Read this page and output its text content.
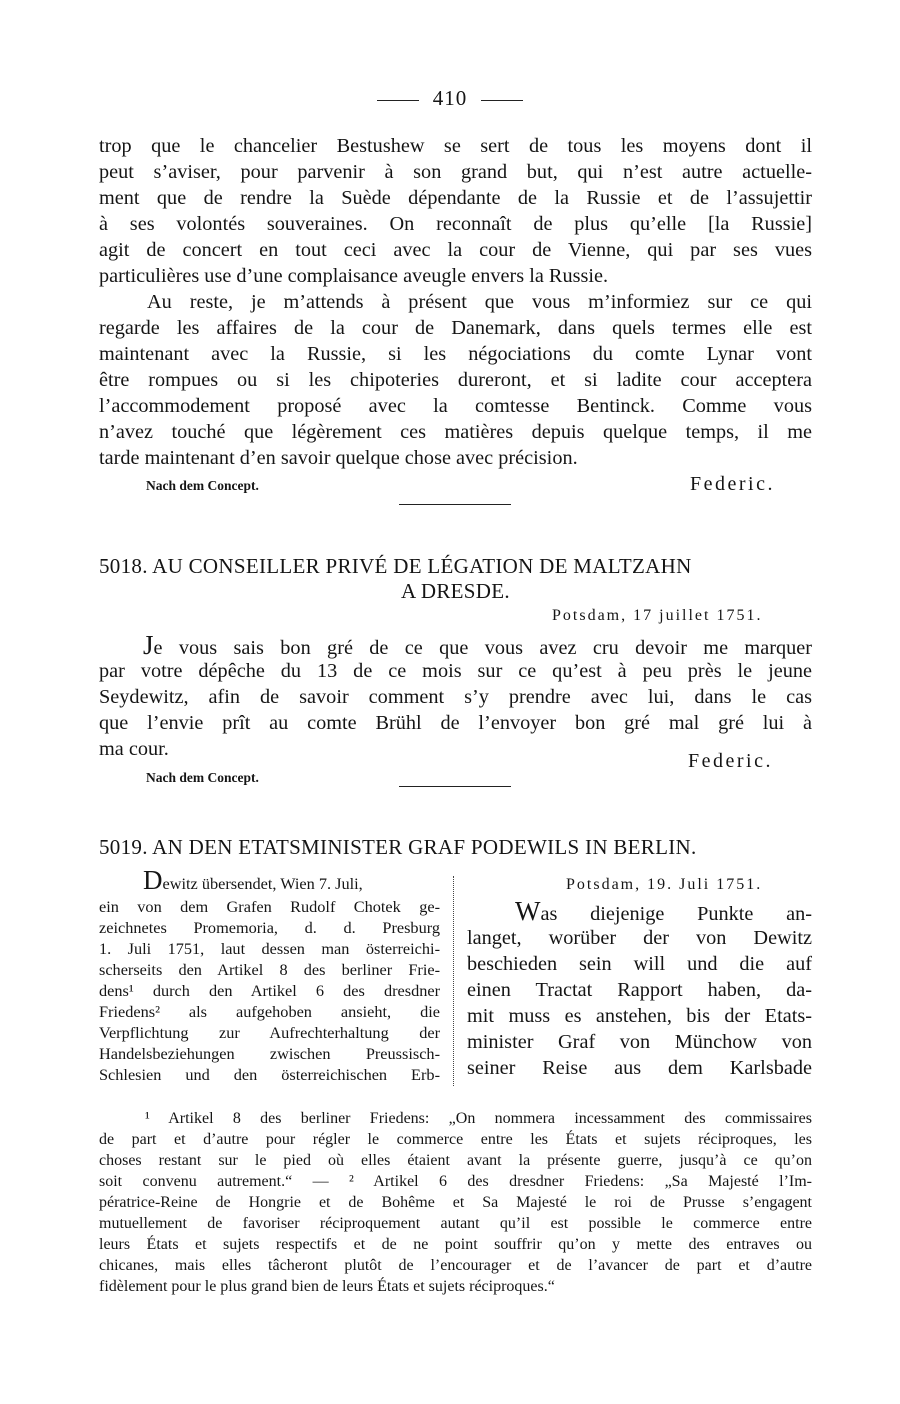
410
trop que le chancelier Bestushew se sert de tous les moyens dont il
peut s’aviser, pour parvenir à son grand but, qui n’est autre actuelle-
ment que de rendre la Suède dépendante de la Russie et de l’assujettir
à ses volontés souveraines. On reconnaît de plus qu’elle [la Russie]
agit de concert en tout ceci avec la cour de Vienne, qui par ses vues
particulières use d’une complaisance aveugle envers la Russie.
Au reste, je m’attends à présent que vous m’informiez sur ce qui
regarde les affaires de la cour de Danemark, dans quels termes elle est
maintenant avec la Russie, si les négociations du comte Lynar vont
être rompues ou si les chipoteries dureront, et si ladite cour acceptera
l’accommodement proposé avec la comtesse Bentinck. Comme vous
n’avez touché que légèrement ces matières depuis quelque temps, il me
tarde maintenant d’en savoir quelque chose avec précision.
Nach dem Concept.	Federic.
5018. AU CONSEILLER PRIVÉ DE LÉGATION DE MALTZAHN
A DRESDE.
Potsdam, 17 juillet 1751.
Je vous sais bon gré de ce que vous avez cru devoir me marquer
par votre dépêche du 13 de ce mois sur ce qu’est à peu près le jeune
Seydewitz, afin de savoir comment s’y prendre avec lui, dans le cas
que l’envie prît au comte Brühl de l’envoyer bon gré mal gré lui à
ma cour.
Federic.
Nach dem Concept.
5019. AN DEN ETATSMINISTER GRAF PODEWILS IN BERLIN.
Dewitz übersendet, Wien 7. Juli,
ein von dem Grafen Rudolf Chotek ge-
zeichnetes Promemoria, d. d. Presburg
1. Juli 1751, laut dessen man österreichi-
scherseits den Artikel 8 des berliner Frie-
dens¹ durch den Artikel 6 des dresdner
Friedens² als aufgehoben ansieht, die
Verpflichtung zur Aufrechterhaltung der
Handelsbeziehungen zwischen Preussisch-
Schlesien und den österreichischen Erb-
Potsdam, 19. Juli 1751.
Was diejenige Punkte an-
langet, worüber der von Dewitz
beschieden sein will und die auf
einen Tractat Rapport haben, da-
mit muss es anstehen, bis der Etats-
minister Graf von Münchow von
seiner Reise aus dem Karlsbade
¹ Artikel 8 des berliner Friedens: „On nommera incessamment des commissaires
de part et d’autre pour régler le commerce entre les États et sujets réciproques, les
choses restant sur le pied où elles étaient avant la présente guerre, jusqu’à ce qu’on
soit convenu autrement.“ — ² Artikel 6 des dresdner Friedens: „Sa Majesté l’Im-
pératrice-Reine de Hongrie et de Bohême et Sa Majesté le roi de Prusse s’engagent
mutuellement de favoriser réciproquement autant qu’il est possible le commerce entre
leurs États et sujets respectifs et de ne point souffrir qu’on y mette des entraves ou
chicanes, mais elles tâcheront plutôt de l’encourager et de l’avancer de part et d’autre
fidèlement pour le plus grand bien de leurs États et sujets réciproques.“
